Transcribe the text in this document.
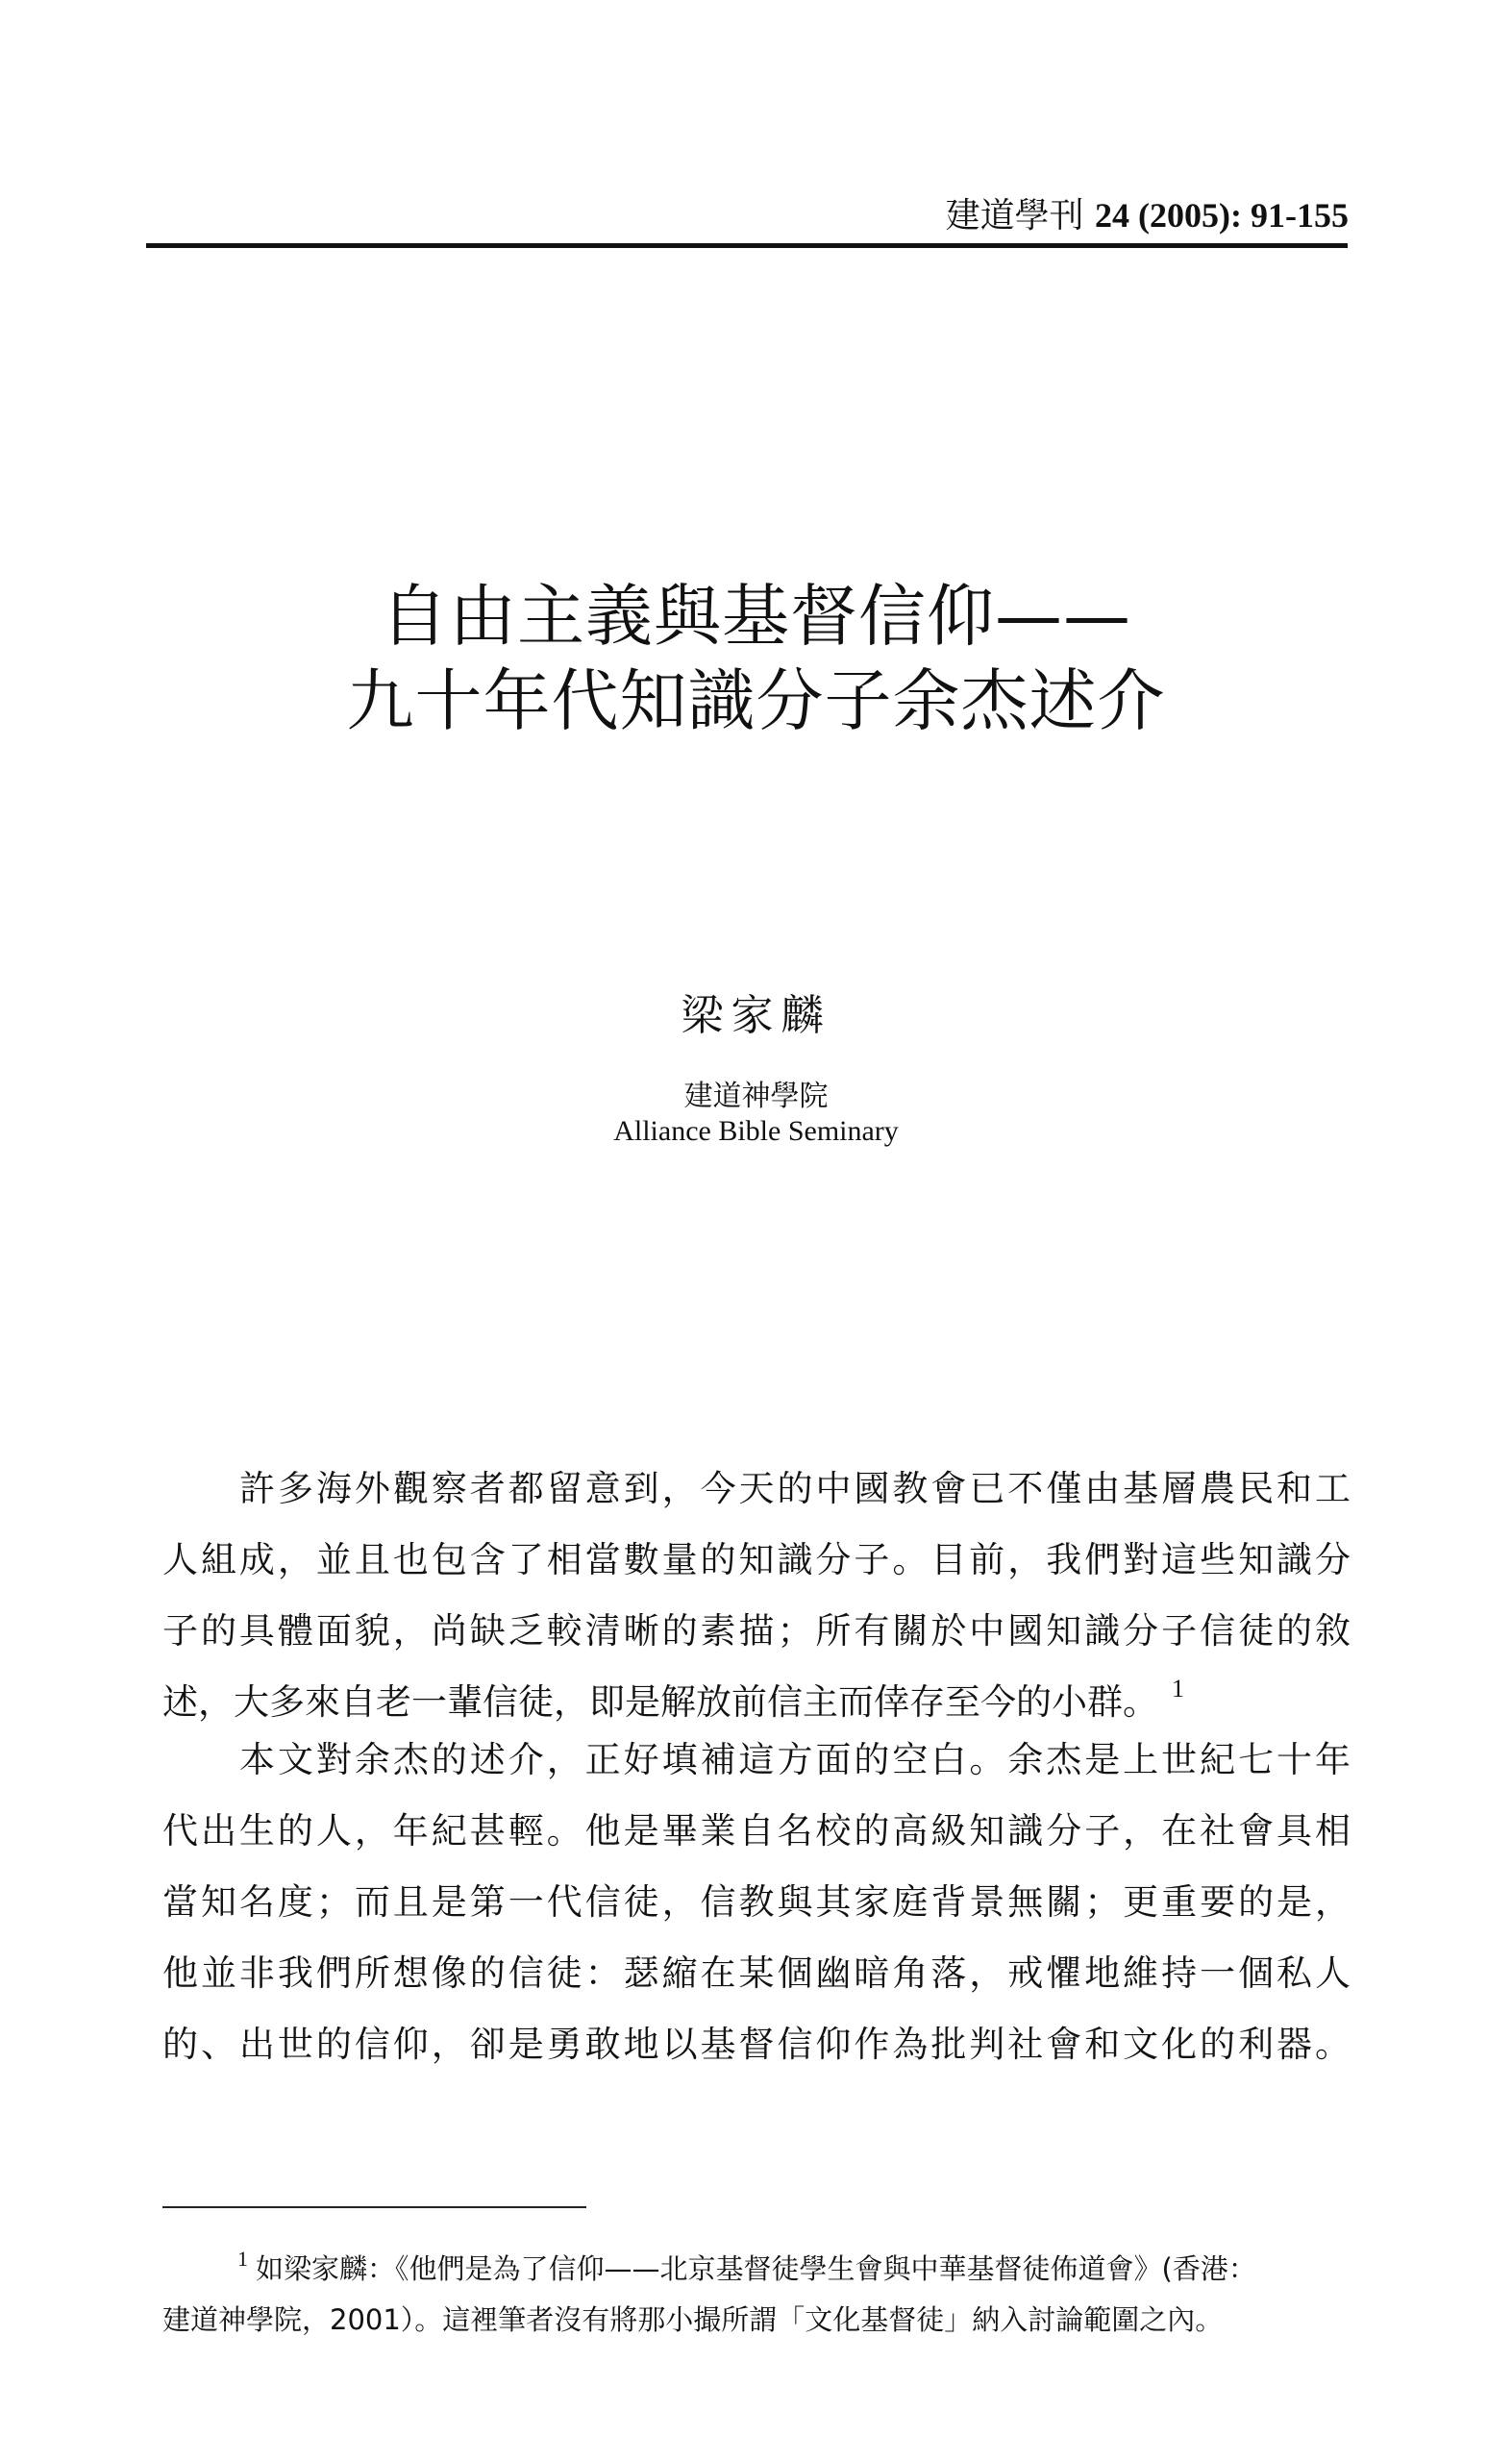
建道學刊 24 (2005): 91-155
自由主義與基督信仰——
九十年代知識分子余杰述介
梁家麟
建道神學院
Alliance Bible Seminary
許多海外觀察者都留意到，今天的中國教會已不僅由基層農民和工
人組成，並且也包含了相當數量的知識分子。目前，我們對這些知識分
子的具體面貌，尚缺乏較清晰的素描；所有關於中國知識分子信徒的敘
述，大多來自老一輩信徒，即是解放前信主而倖存至今的小群。 $^1$
本文對余杰的述介，正好填補這方面的空白。余杰是上世紀七十年
代出生的人，年紀甚輕。他是畢業自名校的高級知識分子，在社會具相
當知名度；而且是第一代信徒，信教與其家庭背景無關；更重要的是，
他並非我們所想像的信徒：瑟縮在某個幽暗角落，戒懼地維持一個私人
的、出世的信仰，卻是勇敢地以基督信仰作為批判社會和文化的利器。
$^1$ 如梁家麟：《他們是為了信仰——北京基督徒學生會與中華基督徒佈道會》(香港：
建道神學院，2001）。這裡筆者沒有將那小撮所謂「文化基督徒」納入討論範圍之內。
